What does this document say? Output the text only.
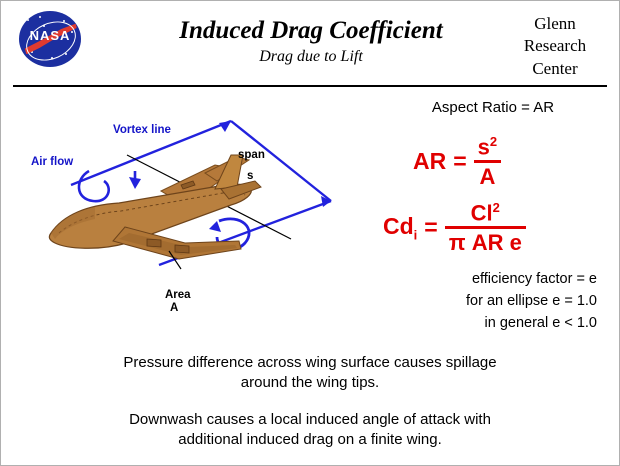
NASA	Induced Drag Coefficient
Drag due to Lift
Glenn
Research
Center
Vortex line
Air flow
span
s
Area
A
Aspect Ratio = AR
AR = $\frac{s^2}{A}$
$Cd_i = \frac{Cl^2}{\text{π AR e}}$
efficiency factor = e
for an ellipse e = 1.0
in general e < 1.0
Pressure difference across wing surface causes spillage
around the wing tips.
Downwash causes a local induced angle of attack with
additional induced drag on a finite wing.
